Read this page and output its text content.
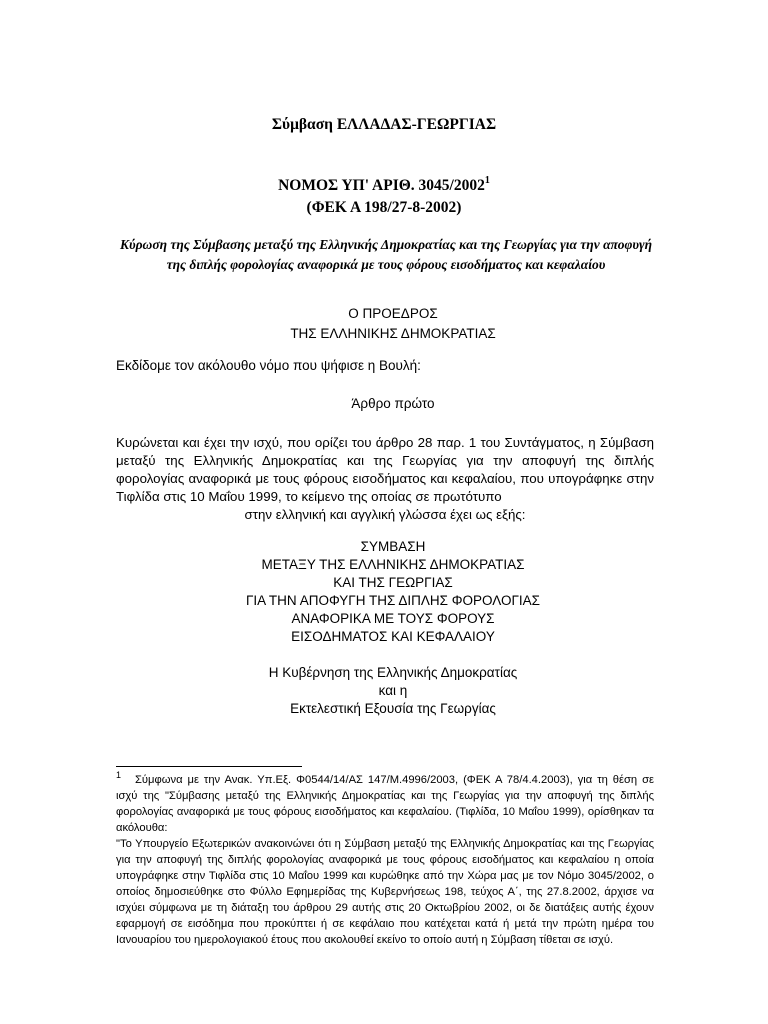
Σύμβαση ΕΛΛΑΔΑΣ-ΓΕΩΡΓΙΑΣ
ΝΟΜΟΣ ΥΠ' ΑΡΙΘ. 3045/2002$^1$
(ΦΕΚ Α 198/27-8-2002)

Κύρωση της Σύμβασης μεταξύ της Ελληνικής Δημοκρατίας και της Γεωργίας για την αποφυγή της διπλής φορολογίας αναφορικά με τους φόρους εισοδήματος και κεφαλαίου

Ο ΠΡΟΕΔΡΟΣ
ΤΗΣ ΕΛΛΗΝΙΚΗΣ ΔΗΜΟΚΡΑΤΙΑΣ

Εκδίδομε τον ακόλουθο νόμο που ψήφισε η Βουλή:

Άρθρο πρώτο

Κυρώνεται και έχει την ισχύ, που ορίζει του άρθρο 28 παρ. 1 του Συντάγματος, η Σύμβαση μεταξύ της Ελληνικής Δημοκρατίας και της Γεωργίας για την αποφυγή της διπλής φορολογίας αναφορικά με τους φόρους εισοδήματος και κεφαλαίου, που υπογράφηκε στην Τιφλίδα στις 10 Μαΐου 1999, το κείμενο της οποίας σε πρωτότυπο
στην ελληνική και αγγλική γλώσσα έχει ως εξής:

ΣΥΜΒΑΣΗ
ΜΕΤΑΞΥ ΤΗΣ ΕΛΛΗΝΙΚΗΣ ΔΗΜΟΚΡΑΤΙΑΣ
ΚΑΙ ΤΗΣ ΓΕΩΡΓΙΑΣ
ΓΙΑ ΤΗΝ ΑΠΟΦΥΓΗ ΤΗΣ ΔΙΠΛΗΣ ΦΟΡΟΛΟΓΙΑΣ
ΑΝΑΦΟΡΙΚΑ ΜΕ ΤΟΥΣ ΦΟΡΟΥΣ
ΕΙΣΟΔΗΜΑΤΟΣ ΚΑΙ ΚΕΦΑΛΑΙΟΥ
Η Κυβέρνηση της Ελληνικής Δημοκρατίας
και η
Εκτελεστική Εξουσία της Γεωργίας

$^1$ Σύμφωνα με την Ανακ. Υπ.Εξ. Φ0544/14/ΑΣ 147/Μ.4996/2003, (ΦΕΚ Α 78/4.4.2003), για τη θέση σε ισχύ της "Σύμβασης μεταξύ της Ελληνικής Δημοκρατίας και της Γεωργίας για την αποφυγή της διπλής φορολογίας αναφορικά με τους φόρους εισοδήματος και κεφαλαίου. (Τιφλίδα, 10 Μαΐου 1999), ορίσθηκαν τα ακόλουθα:

"Το Υπουργείο Εξωτερικών ανακοινώνει ότι η Σύμβαση μεταξύ της Ελληνικής Δημοκρατίας και της Γεωργίας για την αποφυγή της διπλής φορολογίας αναφορικά με τους φόρους εισοδήματος και κεφαλαίου η οποία υπογράφηκε στην Τιφλίδα στις 10 Μαΐου 1999 και κυρώθηκε από την Χώρα μας με τον Νόμο 3045/2002, ο οποίος δημοσιεύθηκε στο Φύλλο Εφημερίδας της Κυβερνήσεως 198, τεύχος Α΄, της 27.8.2002, άρχισε να ισχύει σύμφωνα με τη διάταξη του άρθρου 29 αυτής στις 20 Οκτωβρίου 2002, οι δε διατάξεις αυτής έχουν εφαρμογή σε εισόδημα που προκύπτει ή σε κεφάλαιο που κατέχεται κατά ή μετά την πρώτη ημέρα του Ιανουαρίου του ημερολογιακού έτους που ακολουθεί εκείνο το οποίο αυτή η Σύμβαση τίθεται σε ισχύ.
